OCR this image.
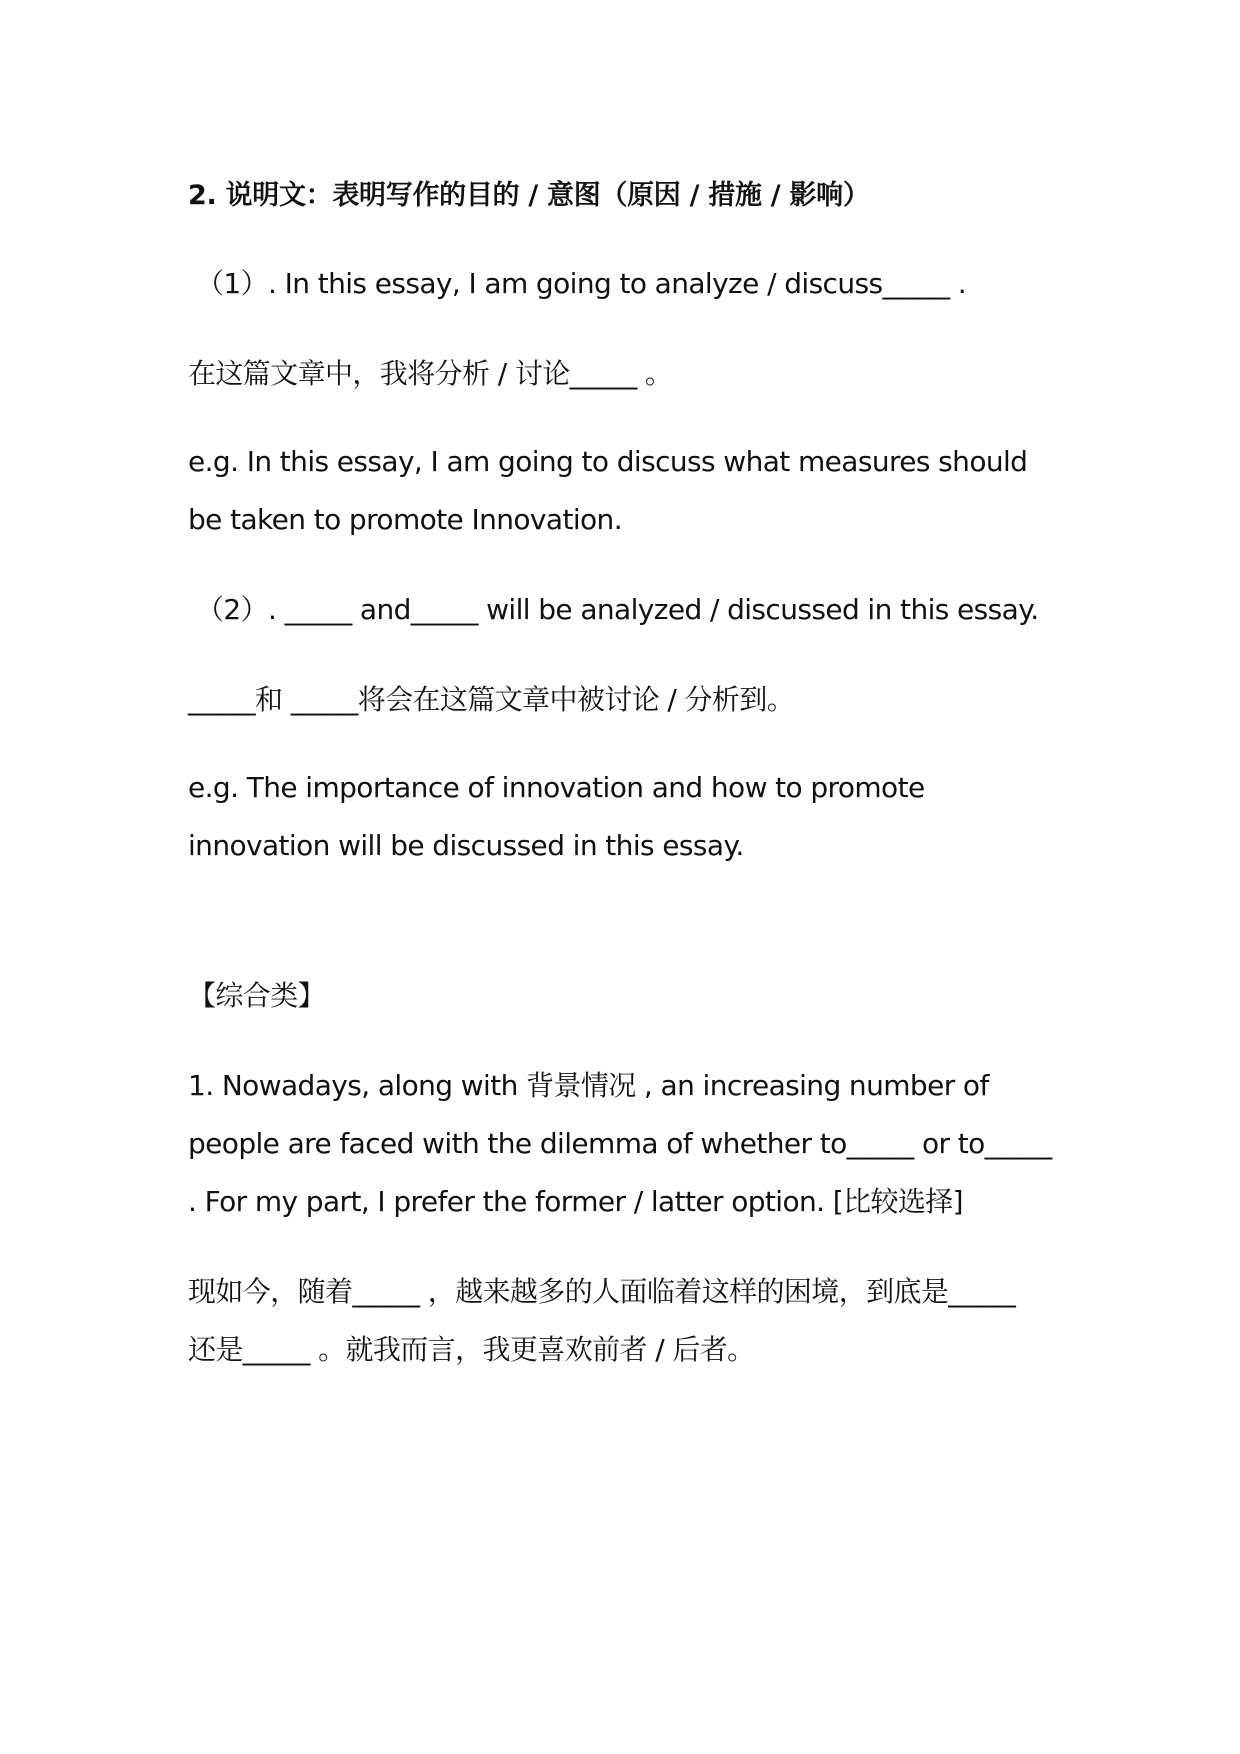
2. 说明文：表明写作的目的 / 意图（原因 / 措施 / 影响）
（1）. In this essay, I am going to analyze / discuss_____ .
在这篇文章中，我将分析 / 讨论_____ 。
e.g. In this essay, I am going to discuss what measures should
be taken to promote Innovation.
（2）. _____ and_____ will be analyzed / discussed in this essay.
_____和 _____将会在这篇文章中被讨论 / 分析到。
e.g. The importance of innovation and how to promote
innovation will be discussed in this essay.
【综合类】
1. Nowadays, along with 背景情况 , an increasing number of
people are faced with the dilemma of whether to_____ or to_____
. For my part, I prefer the former / latter option. [比较选择]
现如今，随着_____ ，越来越多的人面临着这样的困境，到底是_____
还是_____ 。就我而言，我更喜欢前者 / 后者。
